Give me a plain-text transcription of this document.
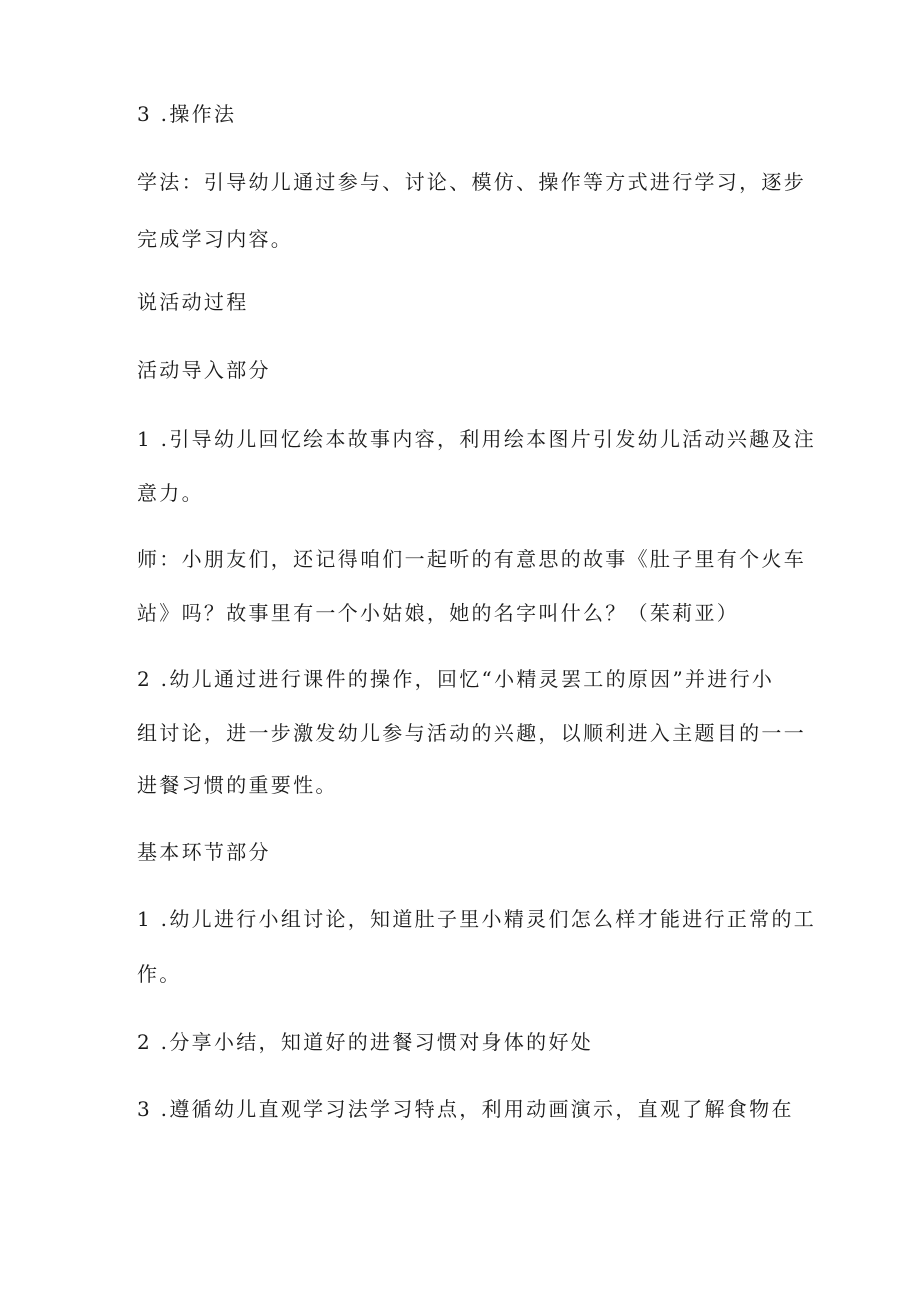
3 .操作法
学法：引导幼儿通过参与、讨论、模仿、操作等方式进行学习，逐步
完成学习内容。
说活动过程
活动导入部分
1 .引导幼儿回忆绘本故事内容，利用绘本图片引发幼儿活动兴趣及注
意力。
师：小朋友们，还记得咱们一起听的有意思的故事《肚子里有个火车
站》吗？故事里有一个小姑娘，她的名字叫什么？（茱莉亚）
2 .幼儿通过进行课件的操作，回忆“小精灵罢工的原因”并进行小
组讨论，进一步激发幼儿参与活动的兴趣，以顺利进入主题目的一一
进餐习惯的重要性。
基本环节部分
1 .幼儿进行小组讨论，知道肚子里小精灵们怎么样才能进行正常的工
作。
2 .分享小结，知道好的进餐习惯对身体的好处
3 .遵循幼儿直观学习法学习特点，利用动画演示，直观了解食物在
